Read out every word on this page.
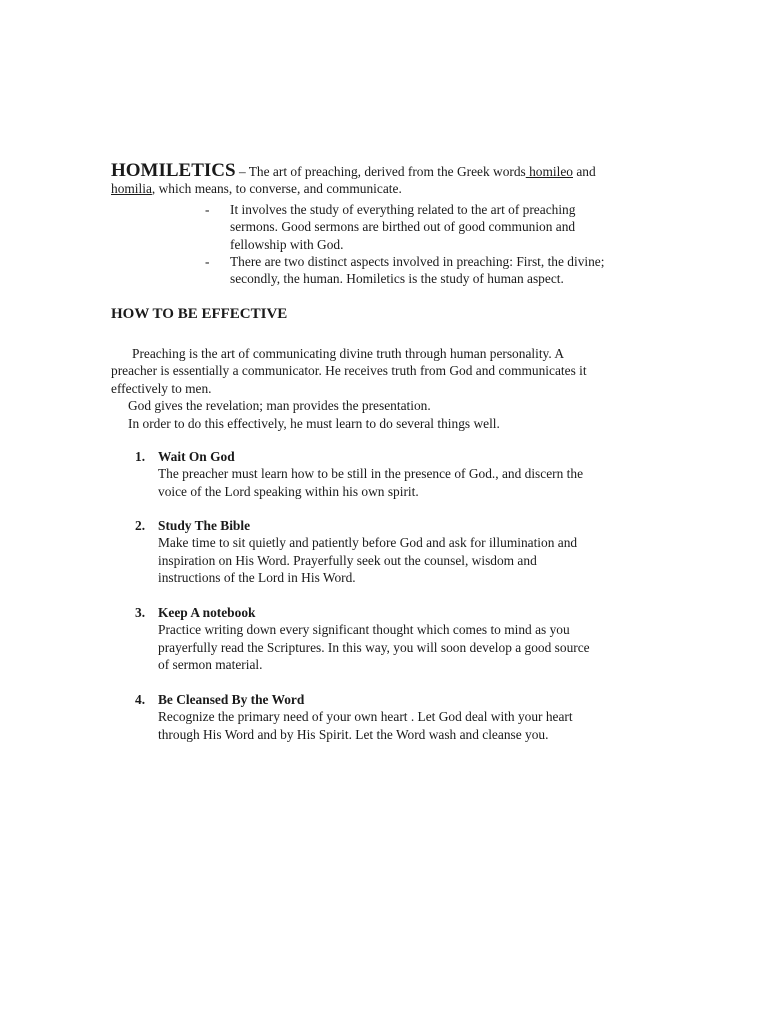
HOMILETICS – The art of preaching, derived from the Greek words homileo and
homilia, which means, to converse, and communicate.
- It involves the study of everything related to the art of preaching
sermons. Good sermons are birthed out of good communion and
fellowship with God.
- There are two distinct aspects involved in preaching: First, the divine;
secondly, the human. Homiletics is the study of human aspect.
HOW TO BE EFFECTIVE
Preaching is the art of communicating divine truth through human personality. A
preacher is essentially a communicator. He receives truth from God and communicates it
effectively to men.
God gives the revelation; man provides the presentation.
In order to do this effectively, he must learn to do several things well.
1. Wait On God
The preacher must learn how to be still in the presence of God., and discern the
voice of the Lord speaking within his own spirit.
2. Study The Bible
Make time to sit quietly and patiently before God and ask for illumination and
inspiration on His Word. Prayerfully seek out the counsel, wisdom and
instructions of the Lord in His Word.
3. Keep A notebook
Practice writing down every significant thought which comes to mind as you
prayerfully read the Scriptures. In this way, you will soon develop a good source
of sermon material.
4. Be Cleansed By the Word
Recognize the primary need of your own heart . Let God deal with your heart
through His Word and by His Spirit. Let the Word wash and cleanse you.
